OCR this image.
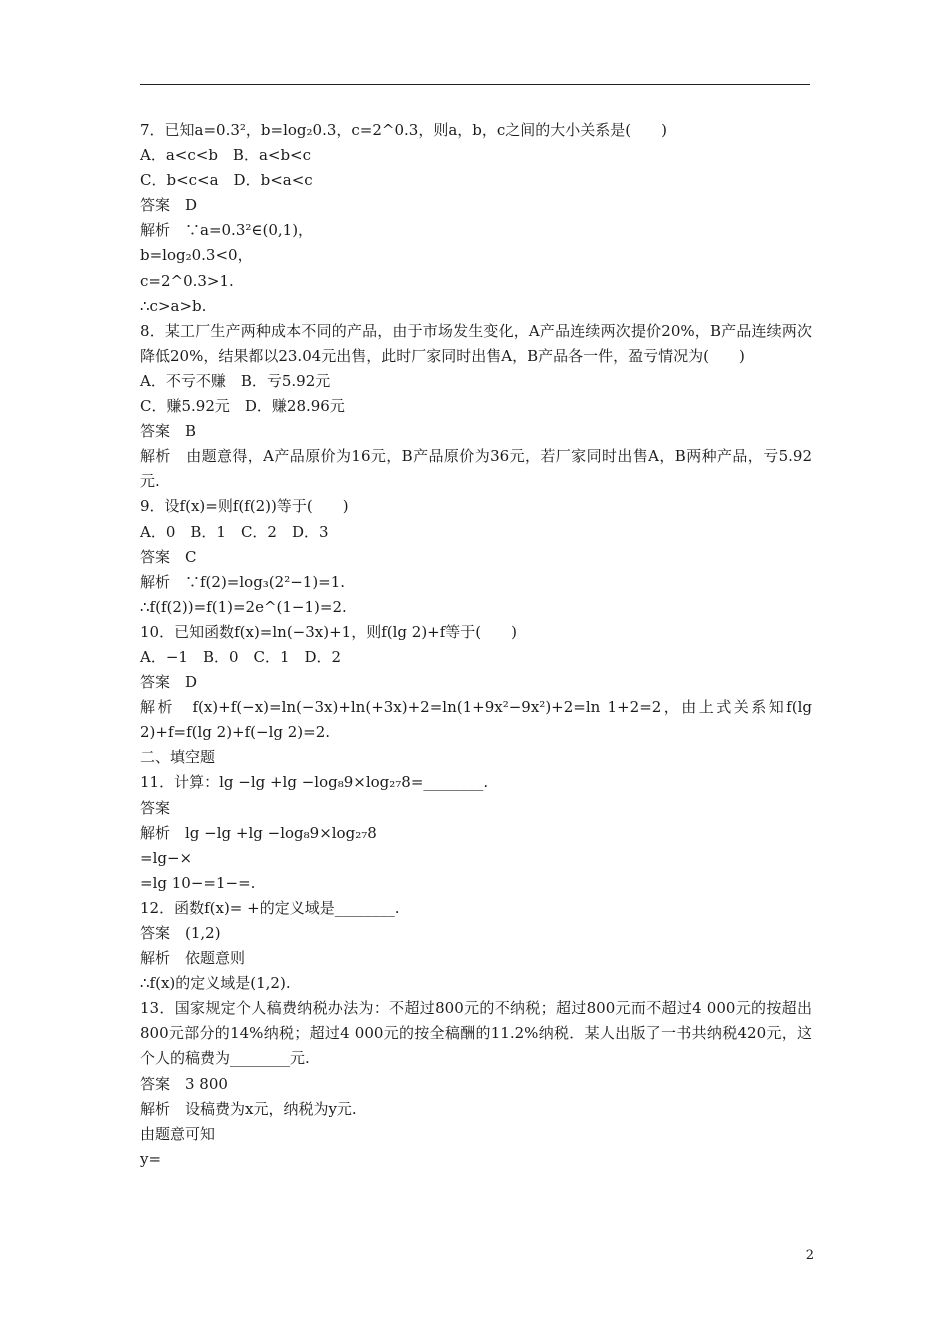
7．已知a=0.3²，b=log₂0.3，c=2^0.3，则a，b，c之间的大小关系是(　　)
A．a<c<b　B．a<b<c
C．b<c<a　D．b<a<c
答案　D
解析　∵a=0.3²∈(0,1)，
b=log₂0.3<0，
c=2^0.3>1.
∴c>a>b.
8．某工厂生产两种成本不同的产品，由于市场发生变化，A产品连续两次提价20%，B产品连续两次降低20%，结果都以23.04元出售，此时厂家同时出售A，B产品各一件，盈亏情况为(　　)
A．不亏不赚　B．亏5.92元
C．赚5.92元　D．赚28.96元
答案　B
解析　由题意得，A产品原价为16元，B产品原价为36元，若厂家同时出售A，B两种产品，亏5.92元.
9．设f(x)=则f(f(2))等于(　　)
A．0　B．1　C．2　D．3
答案　C
解析　∵f(2)=log₃(2²−1)=1.
∴f(f(2))=f(1)=2e^(1−1)=2.
10．已知函数f(x)=ln(−3x)+1，则f(lg 2)+f等于(　　)
A．−1　B．0　C．1　D．2
答案　D
解析　f(x)+f(−x)=ln(−3x)+ln(+3x)+2=ln(1+9x²−9x²)+2=ln 1+2=2，由上式关系知f(lg 2)+f=f(lg 2)+f(−lg 2)=2.
二、填空题
11．计算：lg −lg +lg −log₈9×log₂₇8=________.
答案
解析　lg −lg +lg −log₈9×log₂₇8
=lg−×
=lg 10−=1−=.
12．函数f(x)= +的定义域是________.
答案　(1,2)
解析　依题意则
∴f(x)的定义域是(1,2).
13．国家规定个人稿费纳税办法为：不超过800元的不纳税；超过800元而不超过4 000元的按超出800元部分的14%纳税；超过4 000元的按全稿酬的11.2%纳税．某人出版了一书共纳税420元，这个人的稿费为________元.
答案　3 800
解析　设稿费为x元，纳税为y元.
由题意可知
y=
2
